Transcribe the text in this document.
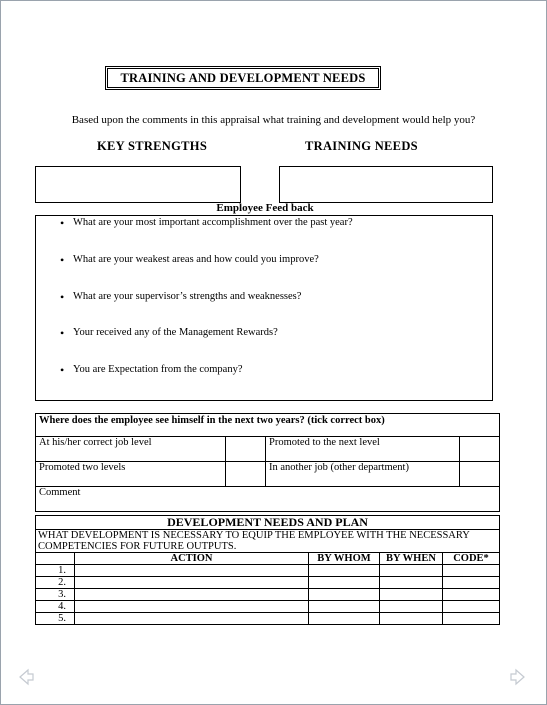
TRAINING AND DEVELOPMENT NEEDS
Based upon the comments in this appraisal what training and development would help you?
KEY STRENGTHS	TRAINING NEEDS
Employee Feed back
• What are your most important accomplishment over the past year?
• What are your weakest areas and how could you improve?
• What are your supervisor’s strengths and weaknesses?
• Your received any of the Management Rewards?
• You are Expectation from the company?
Where does the employee see himself in the next two years? (tick correct box)			
At his/her correct job level		Promoted to the next level	
Promoted two levels		In another job (other department)	
Comment			
DEVELOPMENT NEEDS AND PLAN				
WHAT DEVELOPMENT IS NECESSARY TO EQUIP THE EMPLOYEE WITH THE NECESSARY COMPETENCIES FOR FUTURE OUTPUTS.				
	ACTION	BY WHOM	BY WHEN	CODE*
1.				
2.				
3.				
4.				
5.				
